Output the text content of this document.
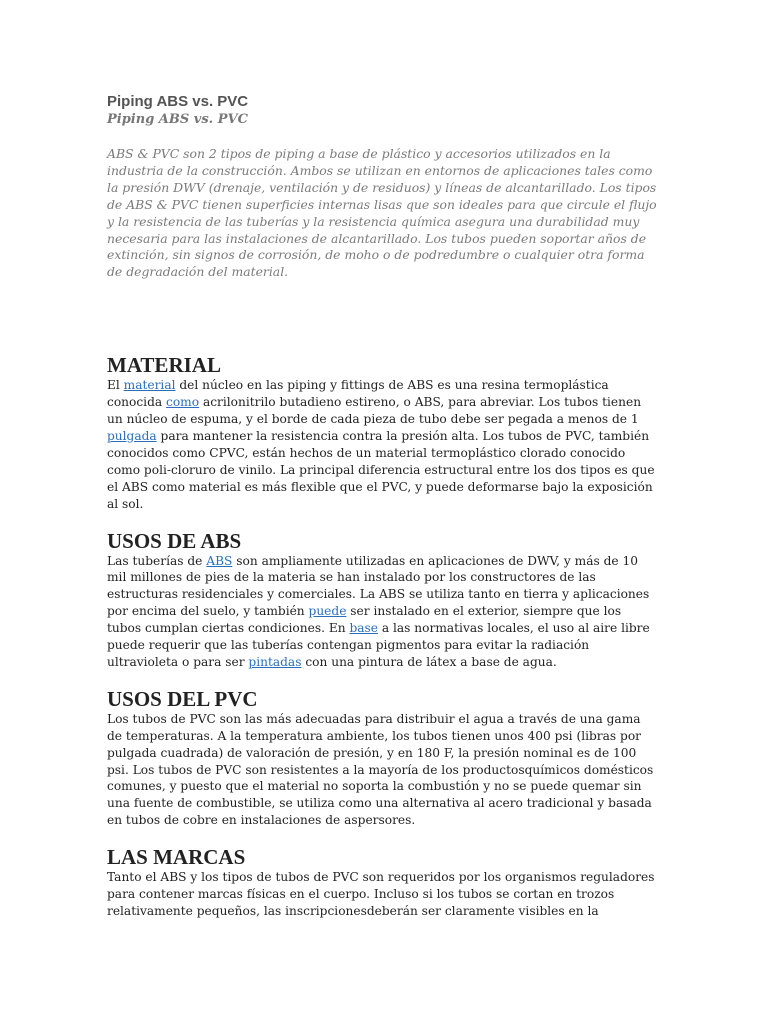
Piping ABS vs. PVC
Piping ABS vs. PVC

ABS & PVC son 2 tipos de piping a base de plástico y accesorios utilizados en la industria de la construcción. Ambos se utilizan en entornos de aplicaciones tales como la presión DWV (drenaje, ventilación y de residuos) y líneas de alcantarillado. Los tipos de ABS & PVC tienen superficies internas lisas que son ideales para que circule el flujo y la resistencia de las tuberías y la resistencia química asegura una durabilidad muy necesaria para las instalaciones de alcantarillado. Los tubos pueden soportar años de extinción, sin signos de corrosión, de moho o de podredumbre o cualquier otra forma de degradación del material.

MATERIAL

El material del núcleo en las piping y fittings de ABS es una resina termoplástica conocida como acrilonitrilo butadieno estireno, o ABS, para abreviar. Los tubos tienen un núcleo de espuma, y el borde de cada pieza de tubo debe ser pegada a menos de 1 pulgada para mantener la resistencia contra la presión alta. Los tubos de PVC, también conocidos como CPVC, están hechos de un material termoplástico clorado conocido como poli-cloruro de vinilo. La principal diferencia estructural entre los dos tipos es que el ABS como material es más flexible que el PVC, y puede deformarse bajo la exposición al sol.

USOS DE ABS

Las tuberías de ABS son ampliamente utilizadas en aplicaciones de DWV, y más de 10 mil millones de pies de la materia se han instalado por los constructores de las estructuras residenciales y comerciales. La ABS se utiliza tanto en tierra y aplicaciones por encima del suelo, y también puede ser instalado en el exterior, siempre que los tubos cumplan ciertas condiciones. En base a las normativas locales, el uso al aire libre puede requerir que las tuberías contengan pigmentos para evitar la radiación ultravioleta o para ser pintadas con una pintura de látex a base de agua.

USOS DEL PVC

Los tubos de PVC son las más adecuadas para distribuir el agua a través de una gama de temperaturas. A la temperatura ambiente, los tubos tienen unos 400 psi (libras por pulgada cuadrada) de valoración de presión, y en 180 F, la presión nominal es de 100 psi. Los tubos de PVC son resistentes a la mayoría de los productosquímicos domésticos comunes, y puesto que el material no soporta la combustión y no se puede quemar sin una fuente de combustible, se utiliza como una alternativa al acero tradicional y basada en tubos de cobre en instalaciones de aspersores.

LAS MARCAS

Tanto el ABS y los tipos de tubos de PVC son requeridos por los organismos reguladores para contener marcas físicas en el cuerpo. Incluso si los tubos se cortan en trozos relativamente pequeños, las inscripcionesdeberán ser claramente visibles en la
